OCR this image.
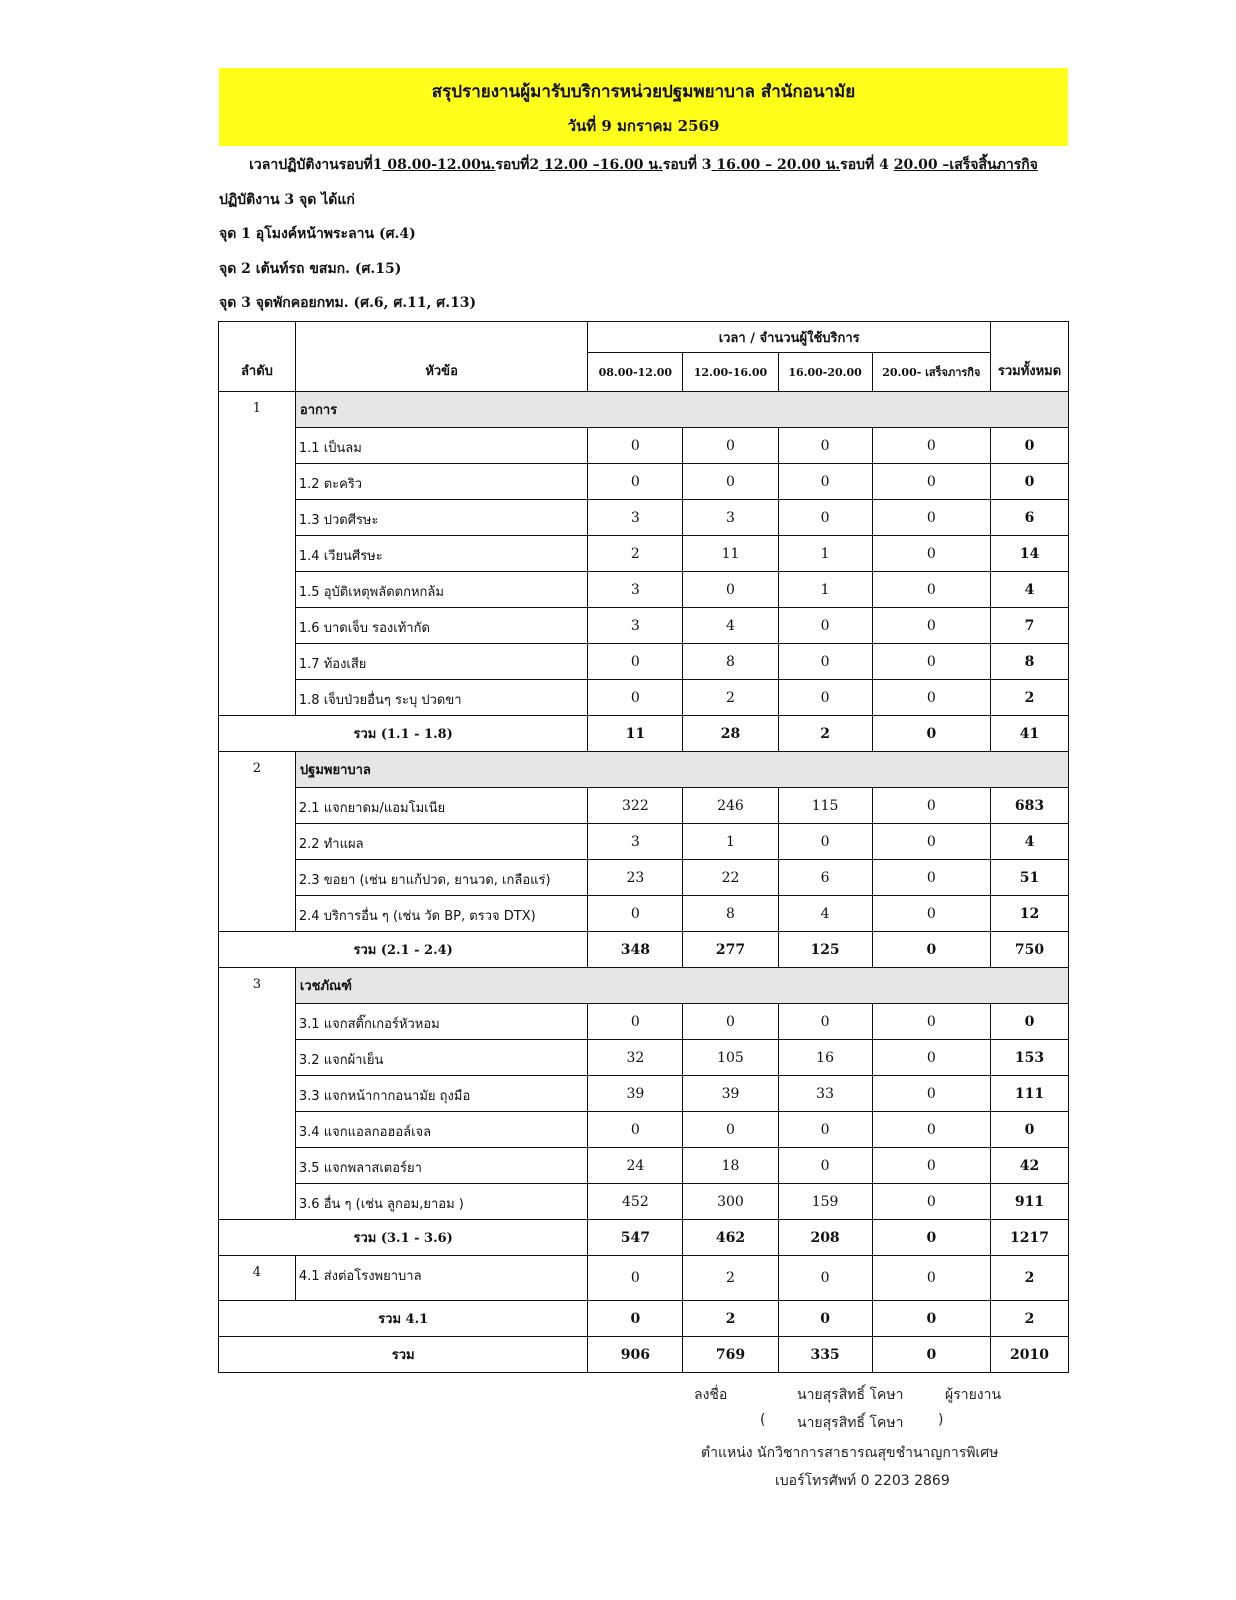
สรุปรายงานผู้มารับบริการหน่วยปฐมพยาบาล สำนักอนามัย
วันที่ 9 มกราคม 2569
เวลาปฏิบัติงานรอบที่1 08.00-12.00น.รอบที่2 12.00 –16.00 น.รอบที่ 3 16.00 – 20.00 น.รอบที่ 4 20.00 –เสร็จสิ้นภารกิจ
ปฏิบัติงาน 3 จุด ได้แก่
จุด 1 อุโมงค์หน้าพระลาน (ศ.4)
จุด 2 เต้นท์รถ ขสมก. (ศ.15)
จุด 3 จุดพักคอยกทม. (ศ.6, ศ.11, ศ.13)
ลำดับ	หัวข้อ	เวลา / จำนวนผู้ใช้บริการ				รวมทั้งหมด
		08.00-12.00	12.00-16.00	16.00-20.00	20.00- เสร็จภารกิจ	
1	อาการ					
	1.1 เป็นลม	0	0	0	0	0
	1.2 ตะคริว	0	0	0	0	0
	1.3 ปวดศีรษะ	3	3	0	0	6
	1.4 เวียนศีรษะ	2	11	1	0	14
	1.5 อุบัติเหตุพลัดตกหกล้ม	3	0	1	0	4
	1.6 บาดเจ็บ รองเท้ากัด	3	4	0	0	7
	1.7 ท้องเสีย	0	8	0	0	8
	1.8 เจ็บป่วยอื่นๆ ระบุ ปวดขา	0	2	0	0	2
รวม (1.1 - 1.8)		11	28	2	0	41
2	ปฐมพยาบาล					
	2.1 แจกยาดม/แอมโมเนีย	322	246	115	0	683
	2.2 ทำแผล	3	1	0	0	4
	2.3 ขอยา (เช่น ยาแก้ปวด, ยานวด, เกลือแร่)	23	22	6	0	51
	2.4 บริการอื่น ๆ (เช่น วัด BP, ตรวจ DTX)	0	8	4	0	12
รวม (2.1 - 2.4)		348	277	125	0	750
3	เวชภัณฑ์					
	3.1 แจกสติ๊กเกอร์หัวหอม	0	0	0	0	0
	3.2 แจกผ้าเย็น	32	105	16	0	153
	3.3 แจกหน้ากากอนามัย ถุงมือ	39	39	33	0	111
	3.4 แจกแอลกอฮอล์เจล	0	0	0	0	0
	3.5 แจกพลาสเตอร์ยา	24	18	0	0	42
	3.6 อื่น ๆ (เช่น ลูกอม,ยาอม )	452	300	159	0	911
รวม (3.1 - 3.6)		547	462	208	0	1217
4	4.1 ส่งต่อโรงพยาบาล	0	2	0	0	2
รวม 4.1		0	2	0	0	2
รวม		906	769	335	0	2010
ลงชื่อ	นายสุรสิทธิ์ โคษา	ผู้รายงาน
( นายสุรสิทธิ์ โคษา )
ตำแหน่ง นักวิชาการสาธารณสุขชำนาญการพิเศษ
เบอร์โทรศัพท์ 0 2203 2869
